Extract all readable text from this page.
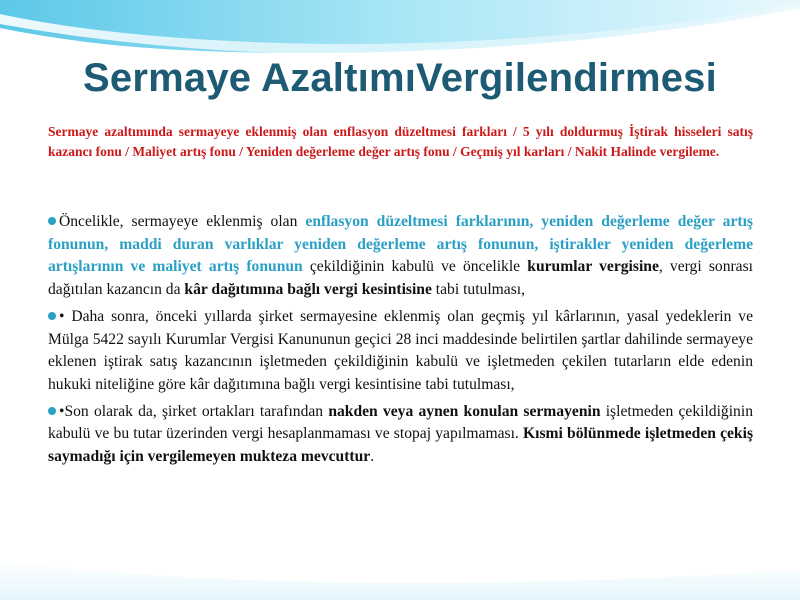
Sermaye AzaltımıVergilendirmesi
Sermaye azaltımında sermayeye eklenmiş olan enflasyon düzeltmesi farkları / 5 yılı doldurmuş İştirak hisseleri satış kazancı fonu / Maliyet artış fonu / Yeniden değerleme değer artış fonu / Geçmiş yıl karları / Nakit Halinde vergileme.

Öncelikle, sermayeye eklenmiş olan enflasyon düzeltmesi farklarının, yeniden değerleme değer artış fonunun, maddi duran varlıklar yeniden değerleme artış fonunun, iştirakler yeniden değerleme artışlarının ve maliyet artış fonunun çekildiğinin kabulü ve öncelikle kurumlar vergisine, vergi sonrası dağıtılan kazancın da kâr dağıtımına bağlı vergi kesintisine tabi tutulması,

• Daha sonra, önceki yıllarda şirket sermayesine eklenmiş olan geçmiş yıl kârlarının, yasal yedeklerin ve Mülga 5422 sayılı Kurumlar Vergisi Kanununun geçici 28 inci maddesinde belirtilen şartlar dahilinde sermayeye eklenen iştirak satış kazancının işletmeden çekildiğinin kabulü ve işletmeden çekilen tutarların elde edenin hukuki niteliğine göre kâr dağıtımına bağlı vergi kesintisine tabi tutulması,

•Son olarak da, şirket ortakları tarafından nakden veya aynen konulan sermayenin işletmeden çekildiğinin kabulü ve bu tutar üzerinden vergi hesaplanmaması ve stopaj yapılmaması. Kısmi bölünmede işletmeden çekiş saymadığı için vergilemeyen mukteza mevcuttur.
